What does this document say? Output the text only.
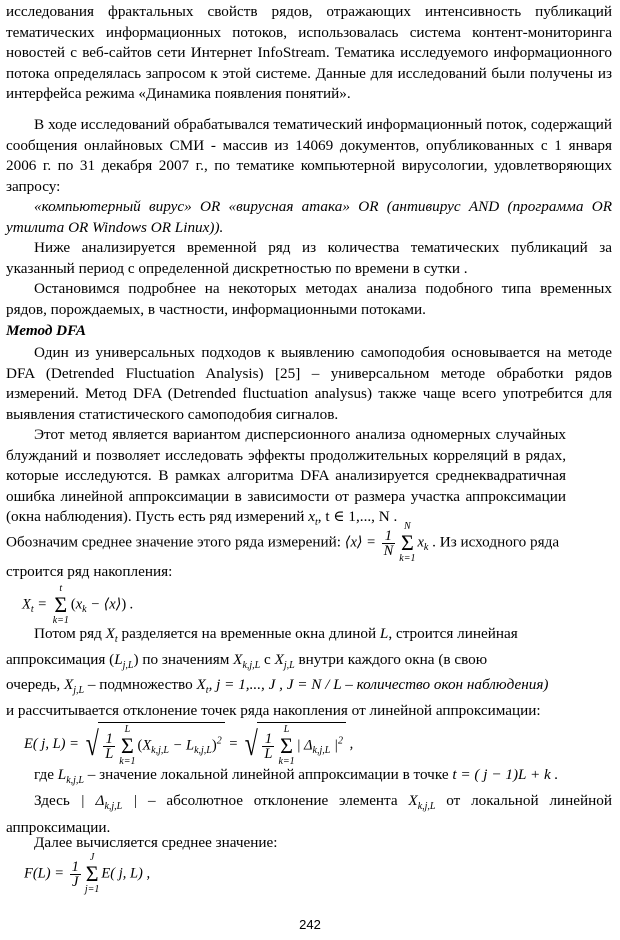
исследования фрактальных свойств рядов, отражающих интенсивность публикаций тематических информационных потоков, использовалась система контент-мониторинга новостей с веб-сайтов сети Интернет InfoStream. Тематика исследуемого информационного потока определялась запросом к этой системе. Данные для исследований были получены из интерфейса режима «Динамика появления понятий».

В ходе исследований обрабатывался тематический информационный поток, содержащий сообщения онлайновых СМИ - массив из 14069 документов, опубликованных с 1 января 2006 г. по 31 декабря 2007 г., по тематике компьютерной вирусологии, удовлетворяющих запросу:

«компьютерный вирус» OR «вирусная атака» OR (антивирус AND (программа OR утилита OR Windows OR Linux)).

Ниже анализируется временной ряд из количества тематических публикаций за указанный период с определенной дискретностью по времени в сутки .

Остановимся подробнее на некоторых методах анализа подобного типа временных рядов, порождаемых, в частности, информационными потоками.

Метод DFA

Один из универсальных подходов к выявлению самоподобия основывается на методе DFA (Detrended Fluctuation Analysis) [25] – универсальном методе обработки рядов измерений. Метод DFA (Detrended fluctuation analysus) также чаще всего употребится для выявления статистического самоподобия сигналов.

Этот метод является вариантом дисперсионного анализа одномерных случайных блужданий и позволяет исследовать эффекты продолжительных корреляций в рядах, которые исследуются. В рамках алгоритма DFA анализируется среднеквадратичная ошибка линейной аппроксимации в зависимости от размера участка аппроксимации (окна наблюдения). Пусть есть ряд измерений $x_t$, t ∈ 1,..., N .

Обозначим среднее значение этого ряда измерений: ⟨x⟩ = $\frac{1}{N}$
N
Σ
$k=1x_k$ . Из исходного ряда

строится ряд накопления:

$X_t = t$
Σ
$k=1(x_k$ − ⟨x⟩) .
Потом ряд $X_t$ разделяется на временные окна длиной L, строится линейная
аппроксимация $(L_{j,L})$ по значениям $X_{k,j,L}$ с $X_{j,L}$ внутри каждого окна (в свою
очередь, $X_{j,L}$ – подмножество $X_t$, j = 1,..., J , J = N / L – количество окон наблюдения)

и рассчитывается отклонение точек ряда накопления от линейной аппроксимации:

E( j, L) = √ $\frac{1}{L}$
L
Σ
$k=1(X_{k,j,L} - L_{k,j,L})^2$ = √ $\frac{1}{L}$
L
Σ
k=1| $\Delta_{k,j,L}$ $|^2$ ,
где $L_{k,j,L}$ – значение локальной линейной аппроксимации в точке t = ( j − 1)L + k .
Здесь | $\Delta_{k,j,L}$ | – абсолютное отклонение элемента $X_{k,j,L}$ от локальной линейной аппроксимации.

Далее вычисляется среднее значение:

$F(L) = \frac{1}{J}$
J
Σ
j=1E( j, L) ,
242
